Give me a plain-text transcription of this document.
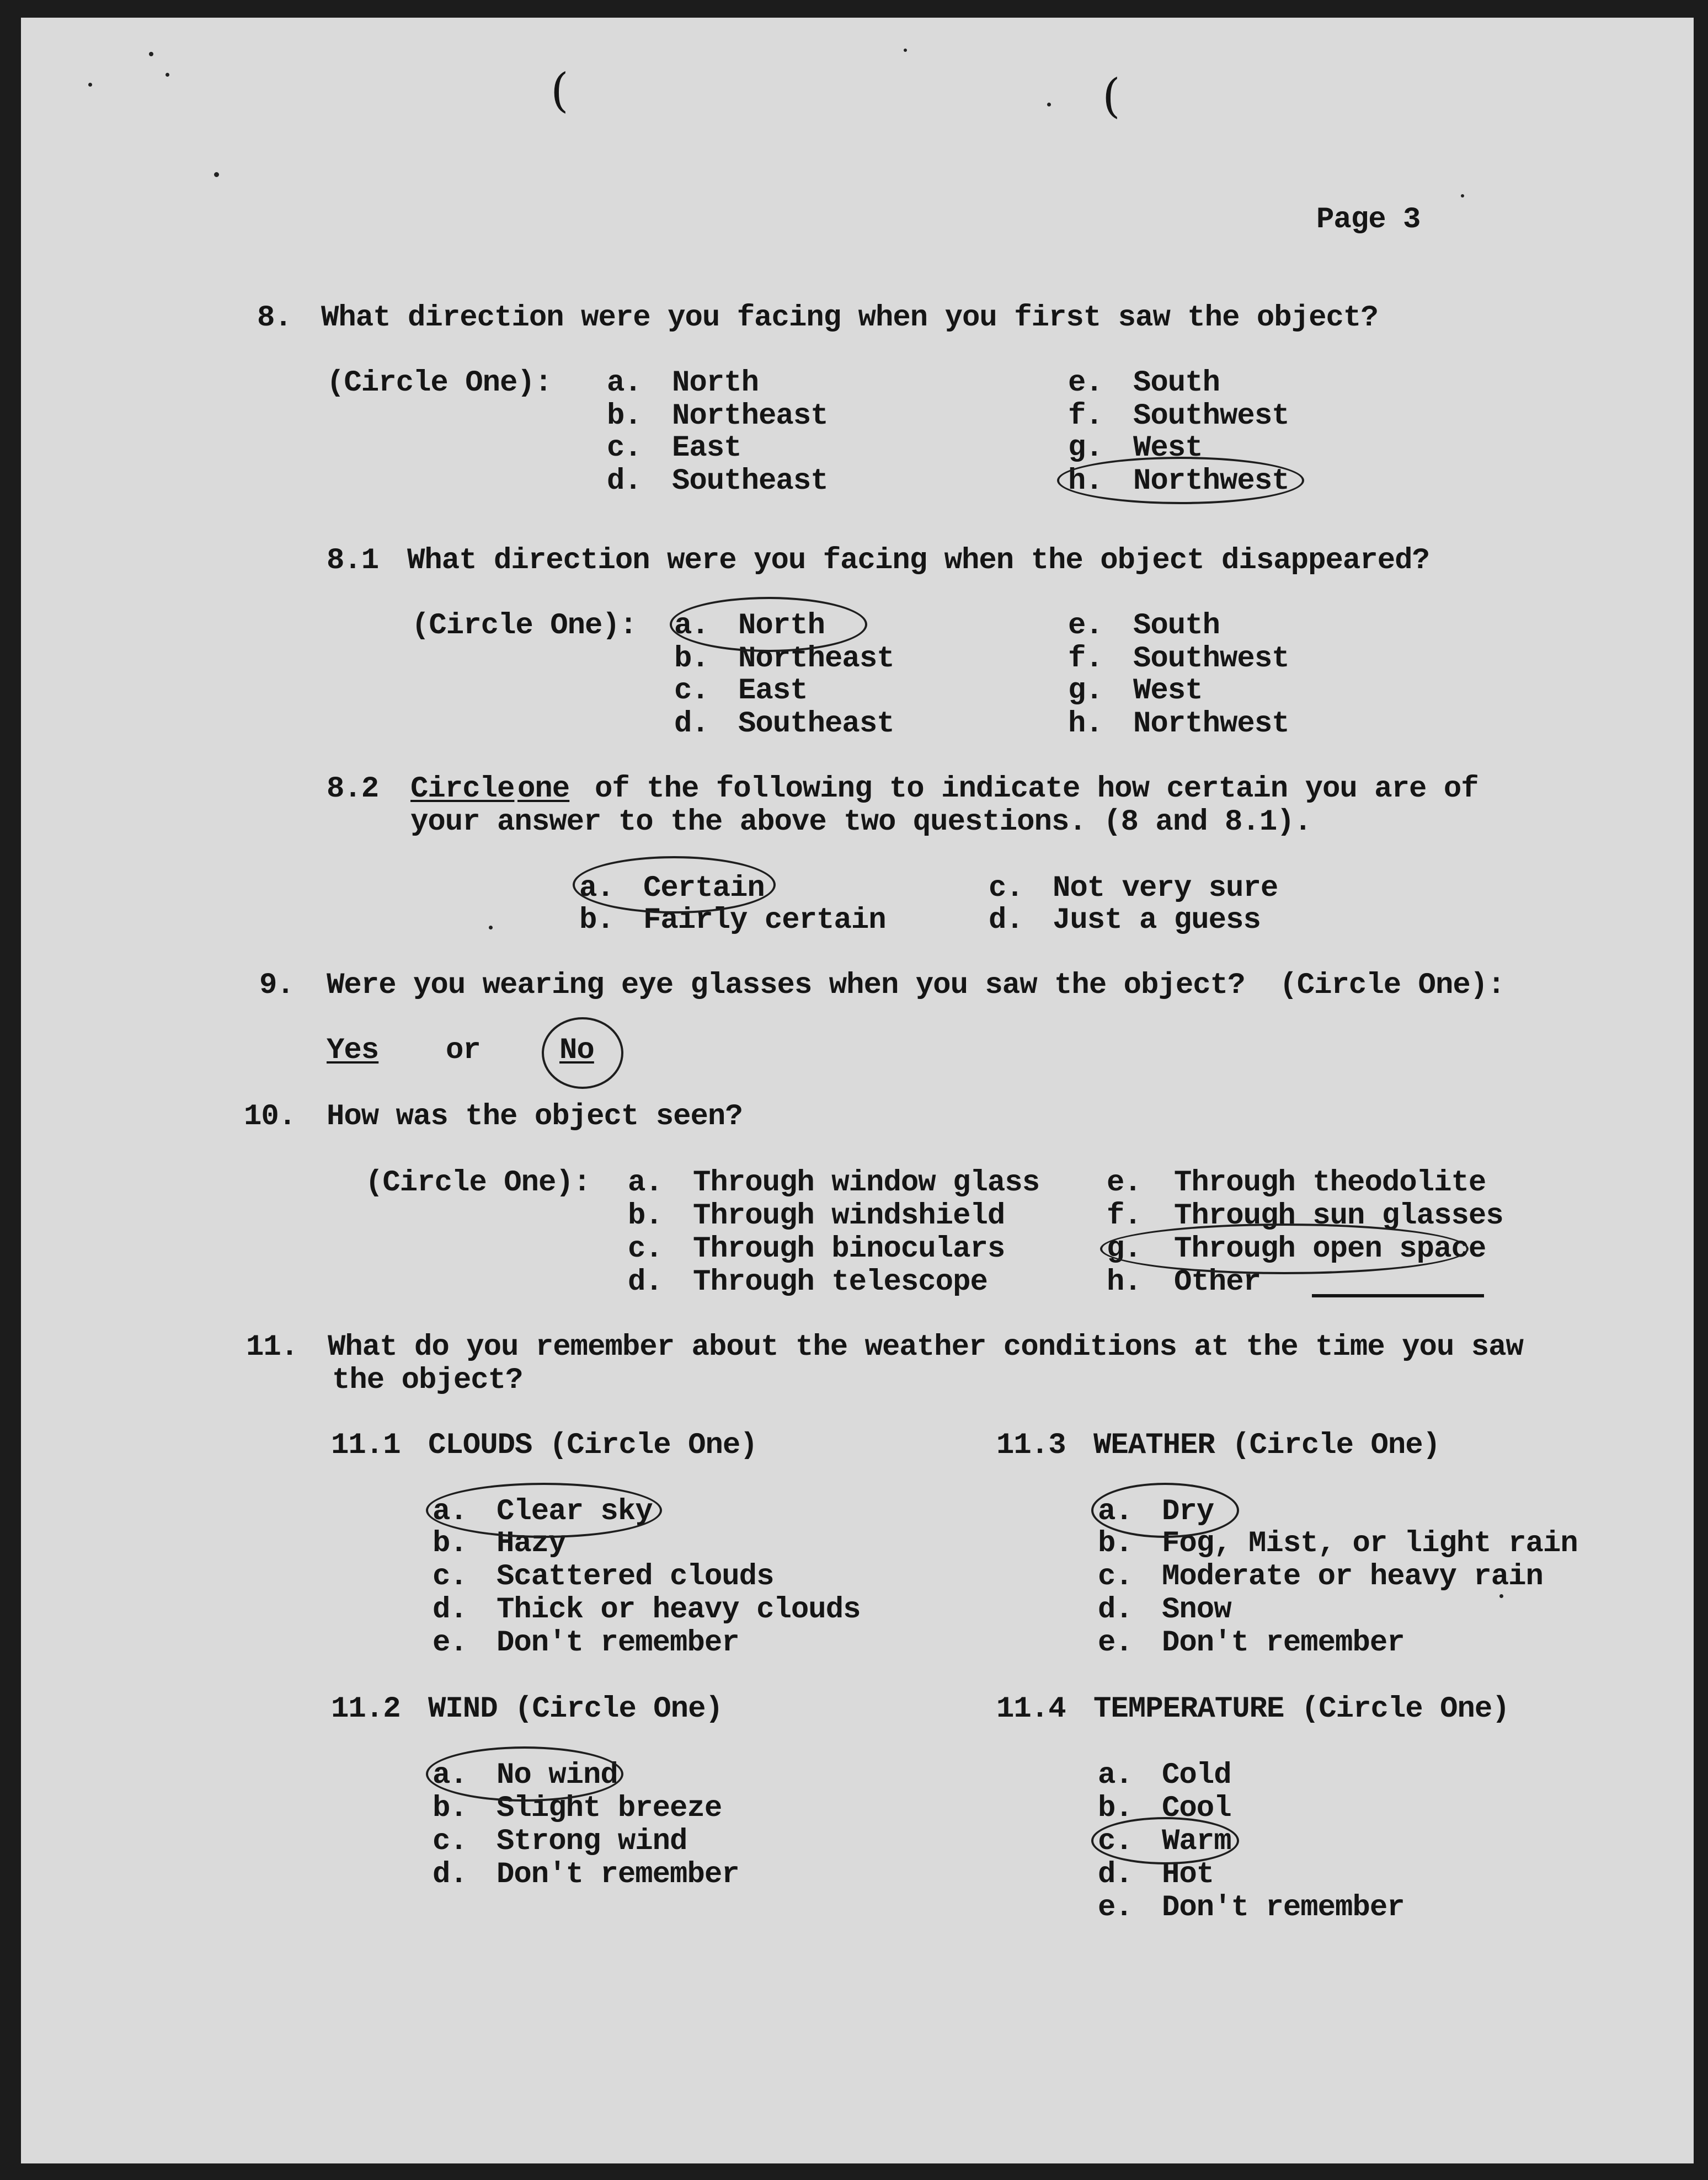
(	(
Page 3
8. What direction were you facing when you first saw the object?
(Circle One): a. North
b. Northeast
c. East
d. Southeast
e. South
f. Southwest
g. West
h. Northwest
8.1 What direction were you facing when the object disappeared?
(Circle One): a. North
b. Northeast
c. East
d. Southeast
e. South
f. Southwest
g. West
h. Northwest
8.2 Circle one of the following to indicate how certain you are of
your answer to the above two questions. (8 and 8.1).
a. Certain
b. Fairly certain
c. Not very sure
d. Just a guess
9. Were you wearing eye glasses when you saw the object?  (Circle One):
Yes or	No
10. How was the object seen?
(Circle One): a. Through window glass
b. Through windshield
c. Through binoculars
d. Through telescope
e. Through theodolite
f. Through sun glasses
g. Through open space
h. Other
11. What do you remember about the weather conditions at the time you saw
the object?
11.1 CLOUDS (Circle One)
a. Clear sky
b. Hazy
c. Scattered clouds
d. Thick or heavy clouds
e. Don't remember
11.2 WIND (Circle One)
a. No wind
b. Slight breeze
c. Strong wind
d. Don't remember
11.3 WEATHER (Circle One)
a. Dry
b. Fog, Mist, or light rain
c. Moderate or heavy rain
d. Snow
e. Don't remember
11.4 TEMPERATURE (Circle One)
a. Cold
b. Cool
c. Warm
d. Hot
e. Don't remember
